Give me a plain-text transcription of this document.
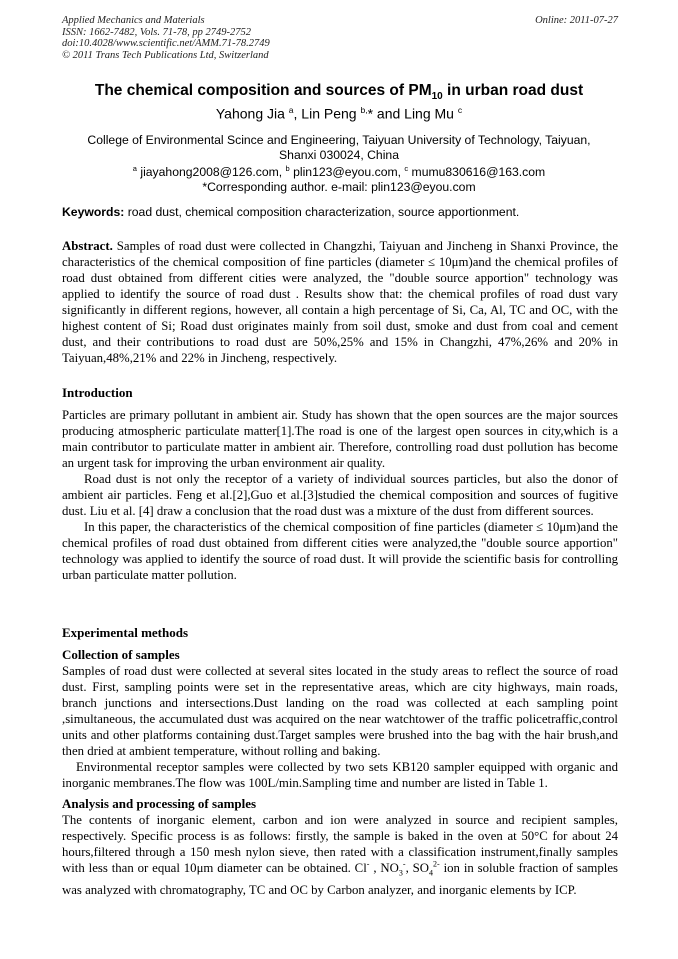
Applied Mechanics and Materials
ISSN: 1662-7482, Vols. 71-78, pp 2749-2752
doi:10.4028/www.scientific.net/AMM.71-78.2749
© 2011 Trans Tech Publications Ltd, Switzerland
Online: 2011-07-27
The chemical composition and sources of $PM_{10}$ in urban road dust
Yahong Jia $^a$, Lin Peng $^{b,}$* and Ling Mu $^c$
College of Environmental Scince and Engineering, Taiyuan University of Technology, Taiyuan,
Shanxi 030024, China
$^a$ jiayahong2008@126.com, $^b$ plin123@eyou.com, $^c$ mumu830616@163.com
*Corresponding author. e-mail: plin123@eyou.com
Keywords: road dust, chemical composition characterization, source apportionment.

Abstract. Samples of road dust were collected in Changzhi, Taiyuan and Jincheng in Shanxi Province, the characteristics of the chemical composition of fine particles (diameter ≤ 10μm)and the chemical profiles of road dust obtained from different cities were analyzed, the "double source apportion" technology was applied to identify the source of road dust . Results show that: the chemical profiles of road dust vary significantly in different regions, however, all contain a high percentage of Si, Ca, Al, TC and OC, with the highest content of Si; Road dust originates mainly from soil dust, smoke and dust from coal and cement dust, and their contributions to road dust are 50%,25% and 15% in Changzhi, 47%,26% and 20% in Taiyuan,48%,21% and 22% in Jincheng, respectively.

Introduction

Particles are primary pollutant in ambient air. Study has shown that the open sources are the major sources producing atmospheric particulate matter[1].The road is one of the largest open sources in city,which is a main contributor to particulate matter in ambient air. Therefore, controlling road dust pollution has become an urgent task for improving the urban environment air quality.

Road dust is not only the receptor of a variety of individual sources particles, but also the donor of ambient air particles. Feng et al.[2],Guo et al.[3]studied the chemical composition and sources of fugitive dust. Liu et al. [4] draw a conclusion that the road dust was a mixture of the dust from different sources.

In this paper, the characteristics of the chemical composition of fine particles (diameter ≤ 10μm)and the chemical profiles of road dust obtained from different cities were analyzed,the "double source apportion" technology was applied to identify the source of road dust. It will provide the scientific basis for controlling urban particulate matter pollution.

Experimental methods
Collection of samples

Samples of road dust were collected at several sites located in the study areas to reflect the source of road dust. First, sampling points were set in the representative areas, which are city highways, main roads, branch junctions and intersections.Dust landing on the road was collected at each sampling point ,simultaneous, the accumulated dust was acquired on the near watchtower of the traffic policetraffic,control units and other platforms containing dust.Target samples were brushed into the bag with the hair brush,and then dried at ambient temperature, without rolling and baking.

Environmental receptor samples were collected by two sets KB120 sampler equipped with organic and inorganic membranes.The flow was 100L/min.Sampling time and number are listed in Table 1.

Analysis and processing of samples

The contents of inorganic element, carbon and ion were analyzed in source and recipient samples, respectively. Specific process is as follows: firstly, the sample is baked in the oven at 50°C for about 24 hours,filtered through a 150 mesh nylon sieve, then rated with a classification instrument,finally samples with less than or equal 10μm diameter can be obtained. Cl- , $NO_3^-$, $SO_4^{2-}$ ion in soluble fraction of samples was analyzed with chromatography, TC and OC by Carbon analyzer, and inorganic elements by ICP.
